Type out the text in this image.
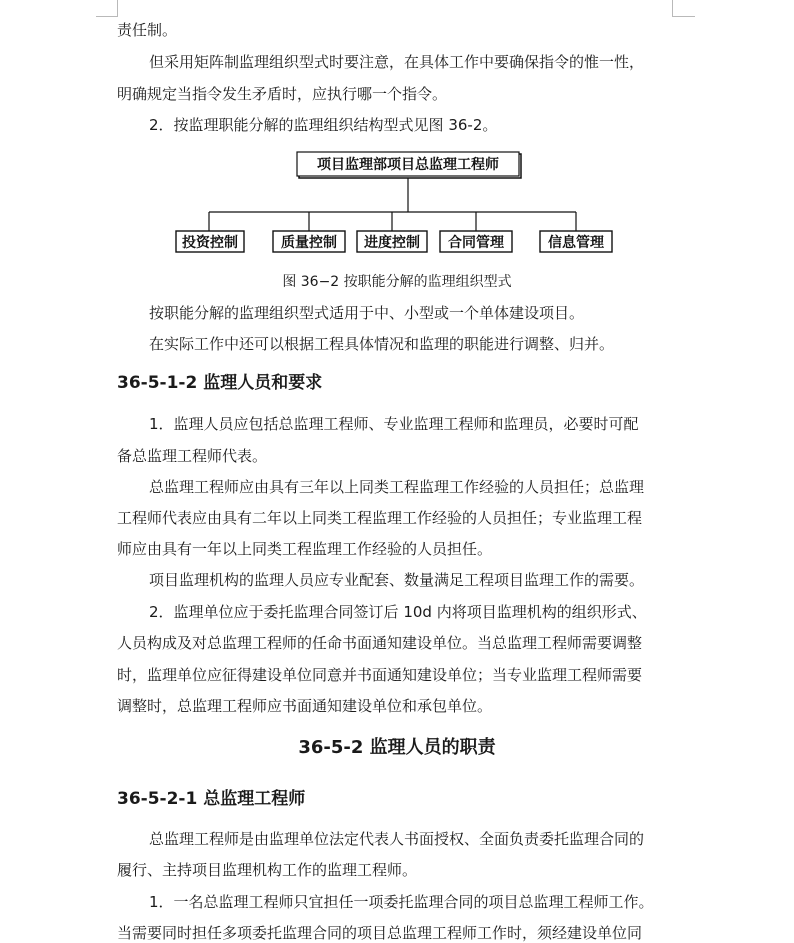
责任制。
但采用矩阵制监理组织型式时要注意，在具体工作中要确保指令的惟一性，
明确规定当指令发生矛盾时，应执行哪一个指令。
2．按监理职能分解的监理组织结构型式见图 36-2。
项目监理部项目总监理工程师
投资控制	质量控制 进度控制 合同管理	信息管理
图 36−2 按职能分解的监理组织型式
按职能分解的监理组织型式适用于中、小型或一个单体建设项目。
在实际工作中还可以根据工程具体情况和监理的职能进行调整、归并。
36-5-1-2 监理人员和要求
1．监理人员应包括总监理工程师、专业监理工程师和监理员，必要时可配
备总监理工程师代表。
总监理工程师应由具有三年以上同类工程监理工作经验的人员担任；总监理
工程师代表应由具有二年以上同类工程监理工作经验的人员担任；专业监理工程
师应由具有一年以上同类工程监理工作经验的人员担任。
项目监理机构的监理人员应专业配套、数量满足工程项目监理工作的需要。
2．监理单位应于委托监理合同签订后 10d 内将项目监理机构的组织形式、
人员构成及对总监理工程师的任命书面通知建设单位。当总监理工程师需要调整
时，监理单位应征得建设单位同意并书面通知建设单位；当专业监理工程师需要
调整时，总监理工程师应书面通知建设单位和承包单位。
36-5-2 监理人员的职责
36-5-2-1 总监理工程师
总监理工程师是由监理单位法定代表人书面授权、全面负责委托监理合同的
履行、主持项目监理机构工作的监理工程师。
1．一名总监理工程师只宜担任一项委托监理合同的项目总监理工程师工作。
当需要同时担任多项委托监理合同的项目总监理工程师工作时，须经建设单位同
